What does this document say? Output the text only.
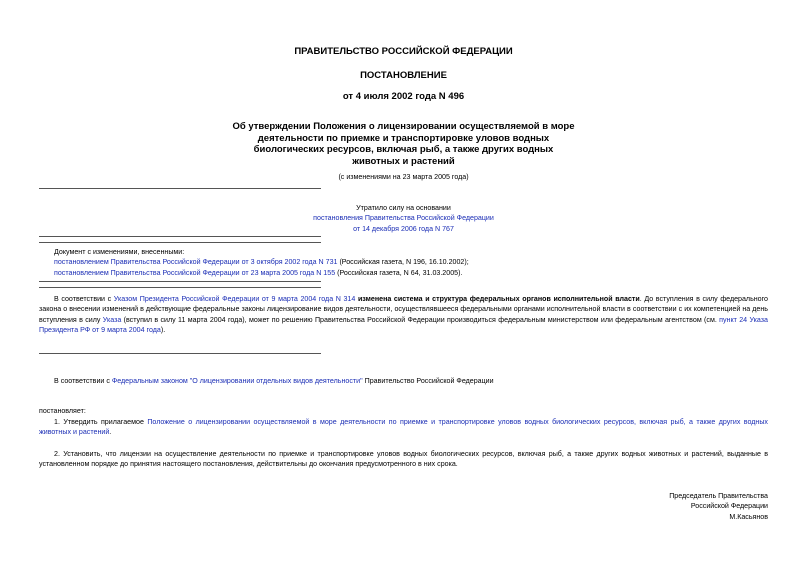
ПРАВИТЕЛЬСТВО РОССИЙСКОЙ ФЕДЕРАЦИИ
ПОСТАНОВЛЕНИЕ
от 4 июля 2002 года N 496
Об утверждении Положения о лицензировании осуществляемой в море
деятельности по приемке и транспортировке уловов водных
биологических ресурсов, включая рыб, а также других водных
животных и растений
(с изменениями на 23 марта 2005 года)
Утратило силу на основании
постановления Правительства Российской Федерации
от 14 декабря 2006 года N 767
Документ с изменениями, внесенными:
постановлением Правительства Российской Федерации от 3 октября 2002 года N 731 (Российская газета, N 196, 16.10.2002);
постановлением Правительства Российской Федерации от 23 марта 2005 года N 155 (Российская газета, N 64, 31.03.2005).
В соответствии с Указом Президента Российской Федерации от 9 марта 2004 года N 314 изменена система и структура федеральных органов исполнительной власти. До вступления в силу федерального закона о внесении изменений в действующие федеральные законы лицензирование видов деятельности, осуществлявшееся федеральными органами исполнительной власти в соответствии с их компетенцией на день вступления в силу Указа (вступил в силу 11 марта 2004 года), может по решению Правительства Российской Федерации производиться федеральным министерством или федеральным агентством (см. пункт 24 Указа Президента РФ от 9 марта 2004 года).
В соответствии с Федеральным законом "О лицензировании отдельных видов деятельности" Правительство Российской Федерации
постановляет:
1. Утвердить прилагаемое Положение о лицензировании осуществляемой в море деятельности по приемке и транспортировке уловов водных биологических ресурсов, включая рыб, а также других водных животных и растений.
2. Установить, что лицензии на осуществление деятельности по приемке и транспортировке уловов водных биологических ресурсов, включая рыб, а также других водных животных и растений, выданные в установленном порядке до принятия настоящего постановления, действительны до окончания предусмотренного в них срока.
Председатель Правительства
Российской Федерации
М.Касьянов
